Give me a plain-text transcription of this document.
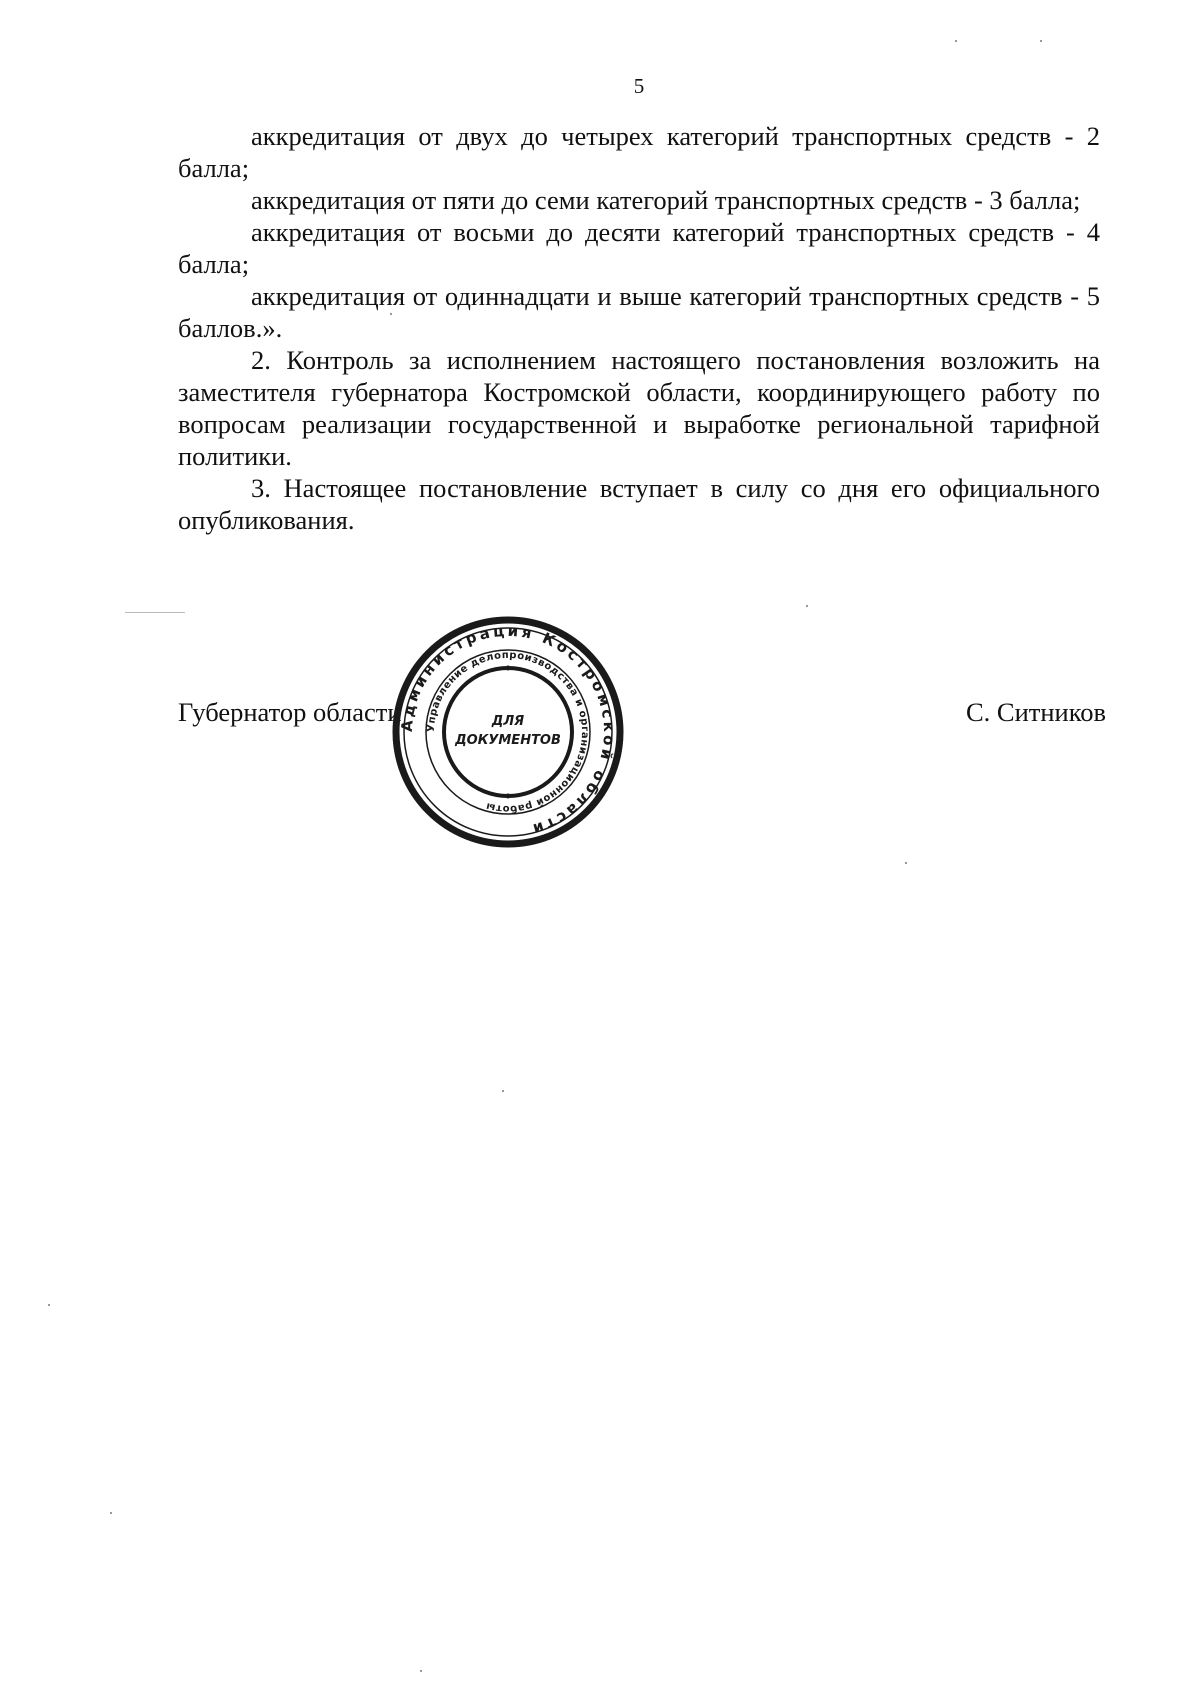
5

аккредитация от двух до четырех категорий транспортных средств - 2 балла;

аккредитация от пяти до семи категорий транспортных средств - 3 балла;

аккредитация от восьми до десяти категорий транспортных средств - 4 балла;

аккредитация от одиннадцати и выше категорий транспортных средств - 5 баллов.».

2. Контроль за исполнением настоящего постановления возложить на заместителя губернатора Костромской области, координирующего работу по вопросам реализации государственной и выработке региональной тарифной политики.

3. Настоящее постановление вступает в силу со дня его официального опубликования.

Губернатор области	С. Ситников
Администрация Костромской области
Управление делопроизводства и организационной работы
ДЛЯ
ДОКУМЕНТОВ
